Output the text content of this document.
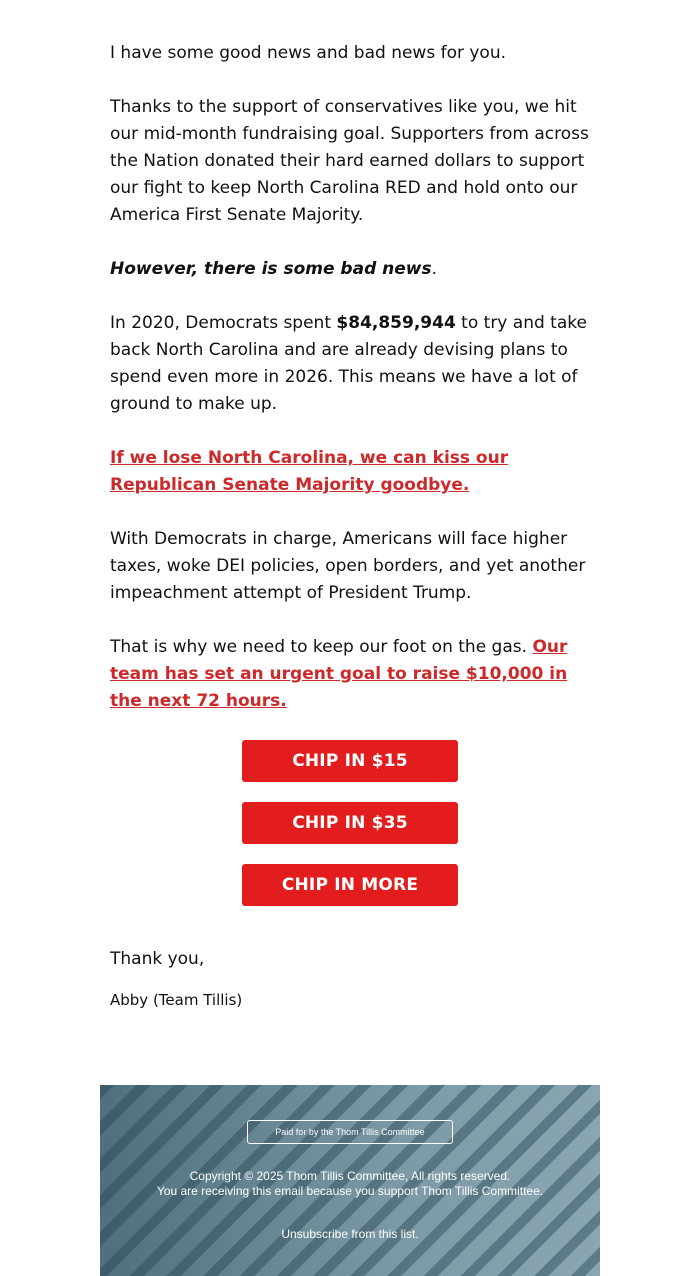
I have some good news and bad news for you.

Thanks to the support of conservatives like you, we hit our mid-month fundraising goal. Supporters from across the Nation donated their hard earned dollars to support our fight to keep North Carolina RED and hold onto our America First Senate Majority.

However, there is some bad news.

In 2020, Democrats spent $84,859,944 to try and take back North Carolina and are already devising plans to spend even more in 2026. This means we have a lot of ground to make up.

If we lose North Carolina, we can kiss our Republican Senate Majority goodbye.

With Democrats in charge, Americans will face higher taxes, woke DEI policies, open borders, and yet another impeachment attempt of President Trump.

That is why we need to keep our foot on the gas. Our team has set an urgent goal to raise $10,000 in the next 72 hours.

CHIP IN $15
CHIP IN $35
CHIP IN MORE
Thank you,
Abby (Team Tillis)
Paid for by the Thom Tillis Committee
Copyright © 2025 Thom Tillis Committee, All rights reserved.
You are receiving this email because you support Thom Tillis Committee.
Unsubscribe from this list.
